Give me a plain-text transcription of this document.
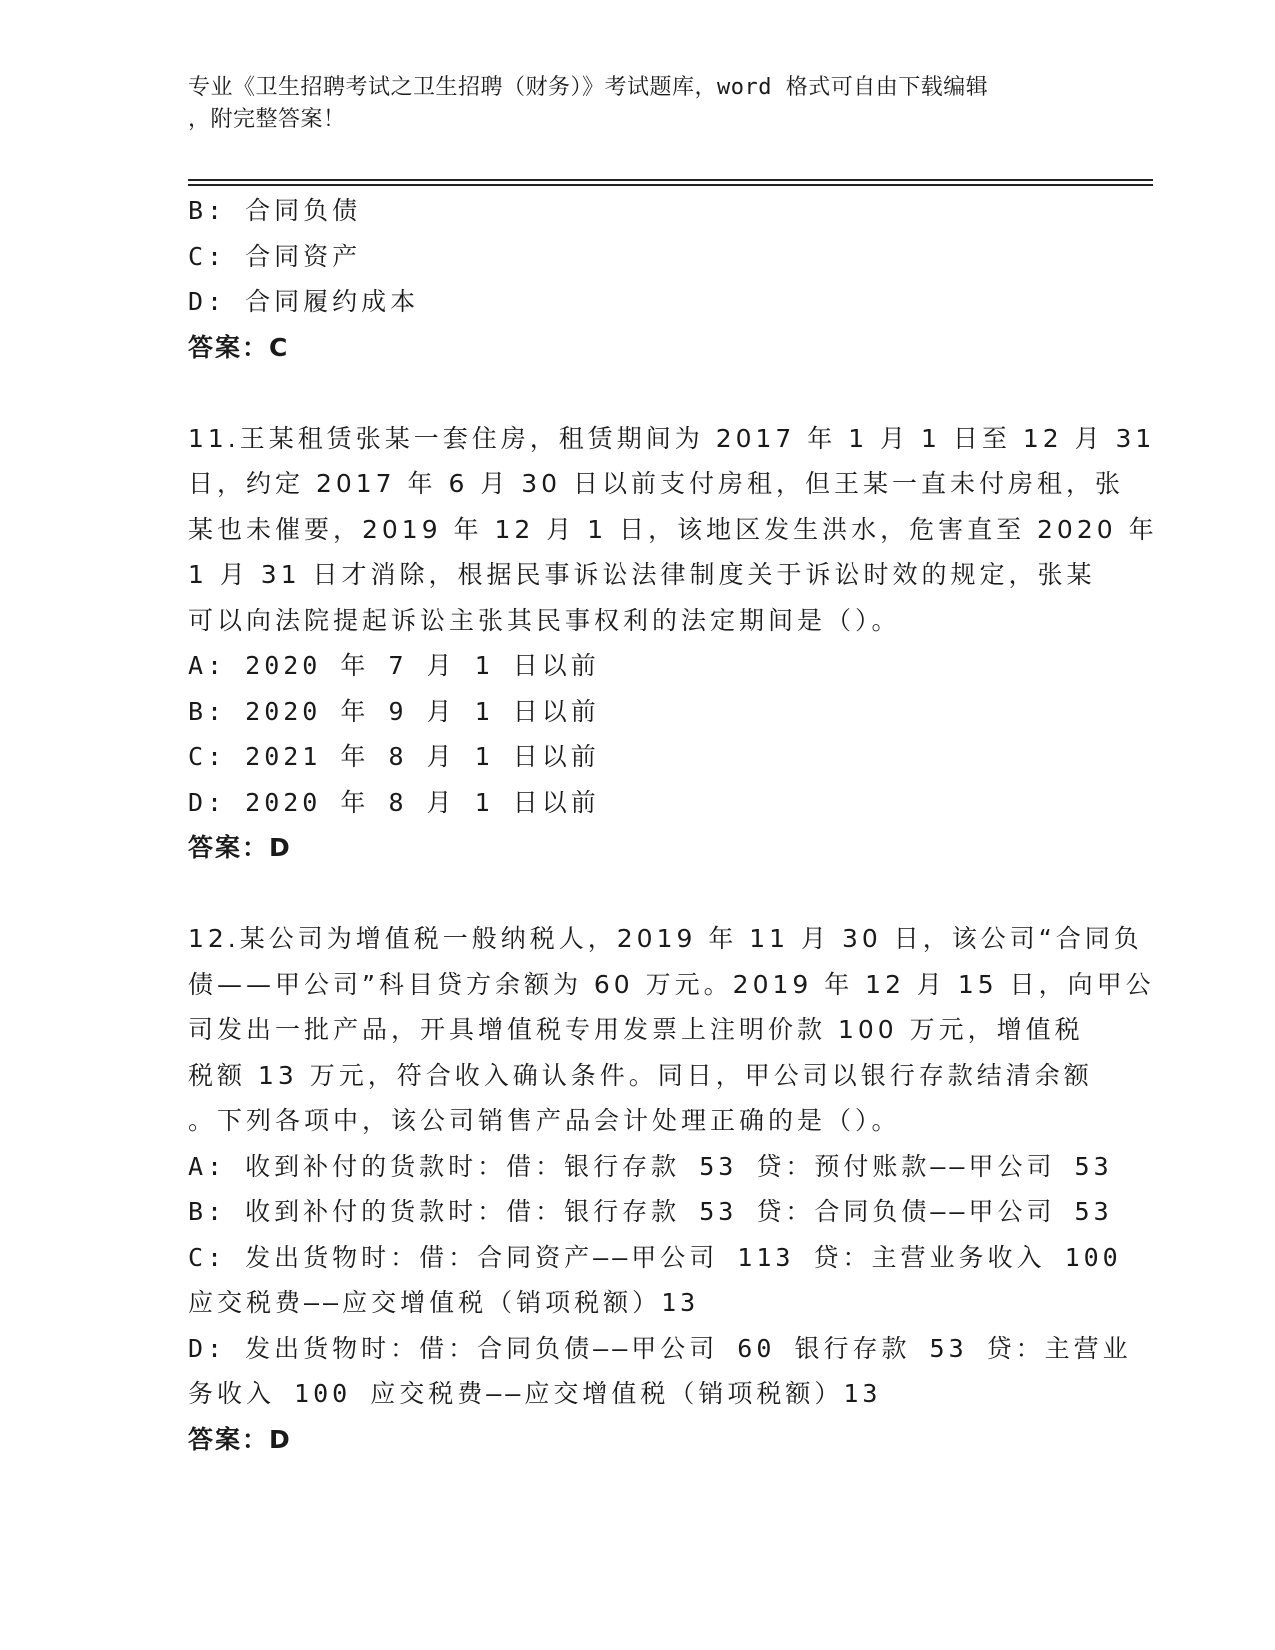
专业《卫生招聘考试之卫生招聘（财务）》考试题库，word 格式可自由下载编辑
，附完整答案！
B: 合同负债
C: 合同资产
D: 合同履约成本
答案：C
11.王某租赁张某一套住房，租赁期间为 2017 年 1 月 1 日至 12 月 31
日，约定 2017 年 6 月 30 日以前支付房租，但王某一直未付房租，张
某也未催要，2019 年 12 月 1 日，该地区发生洪水，危害直至 2020 年
1 月 31 日才消除，根据民事诉讼法律制度关于诉讼时效的规定，张某
可以向法院提起诉讼主张其民事权利的法定期间是（）。
A: 2020 年 7 月 1 日以前
B: 2020 年 9 月 1 日以前
C: 2021 年 8 月 1 日以前
D: 2020 年 8 月 1 日以前
答案：D
12.某公司为增值税一般纳税人，2019 年 11 月 30 日，该公司“合同负
债——甲公司”科目贷方余额为 60 万元。2019 年 12 月 15 日，向甲公
司发出一批产品，开具增值税专用发票上注明价款 100 万元，增值税
税额 13 万元，符合收入确认条件。同日，甲公司以银行存款结清余额
。下列各项中，该公司销售产品会计处理正确的是（）。
A: 收到补付的货款时：借：银行存款 53 贷：预付账款——甲公司 53
B: 收到补付的货款时：借：银行存款 53 贷：合同负债——甲公司 53
C: 发出货物时：借：合同资产——甲公司 113 贷：主营业务收入 100
应交税费——应交增值税（销项税额）13
D: 发出货物时：借：合同负债——甲公司 60 银行存款 53 贷：主营业
务收入 100 应交税费——应交增值税（销项税额）13
答案：D
